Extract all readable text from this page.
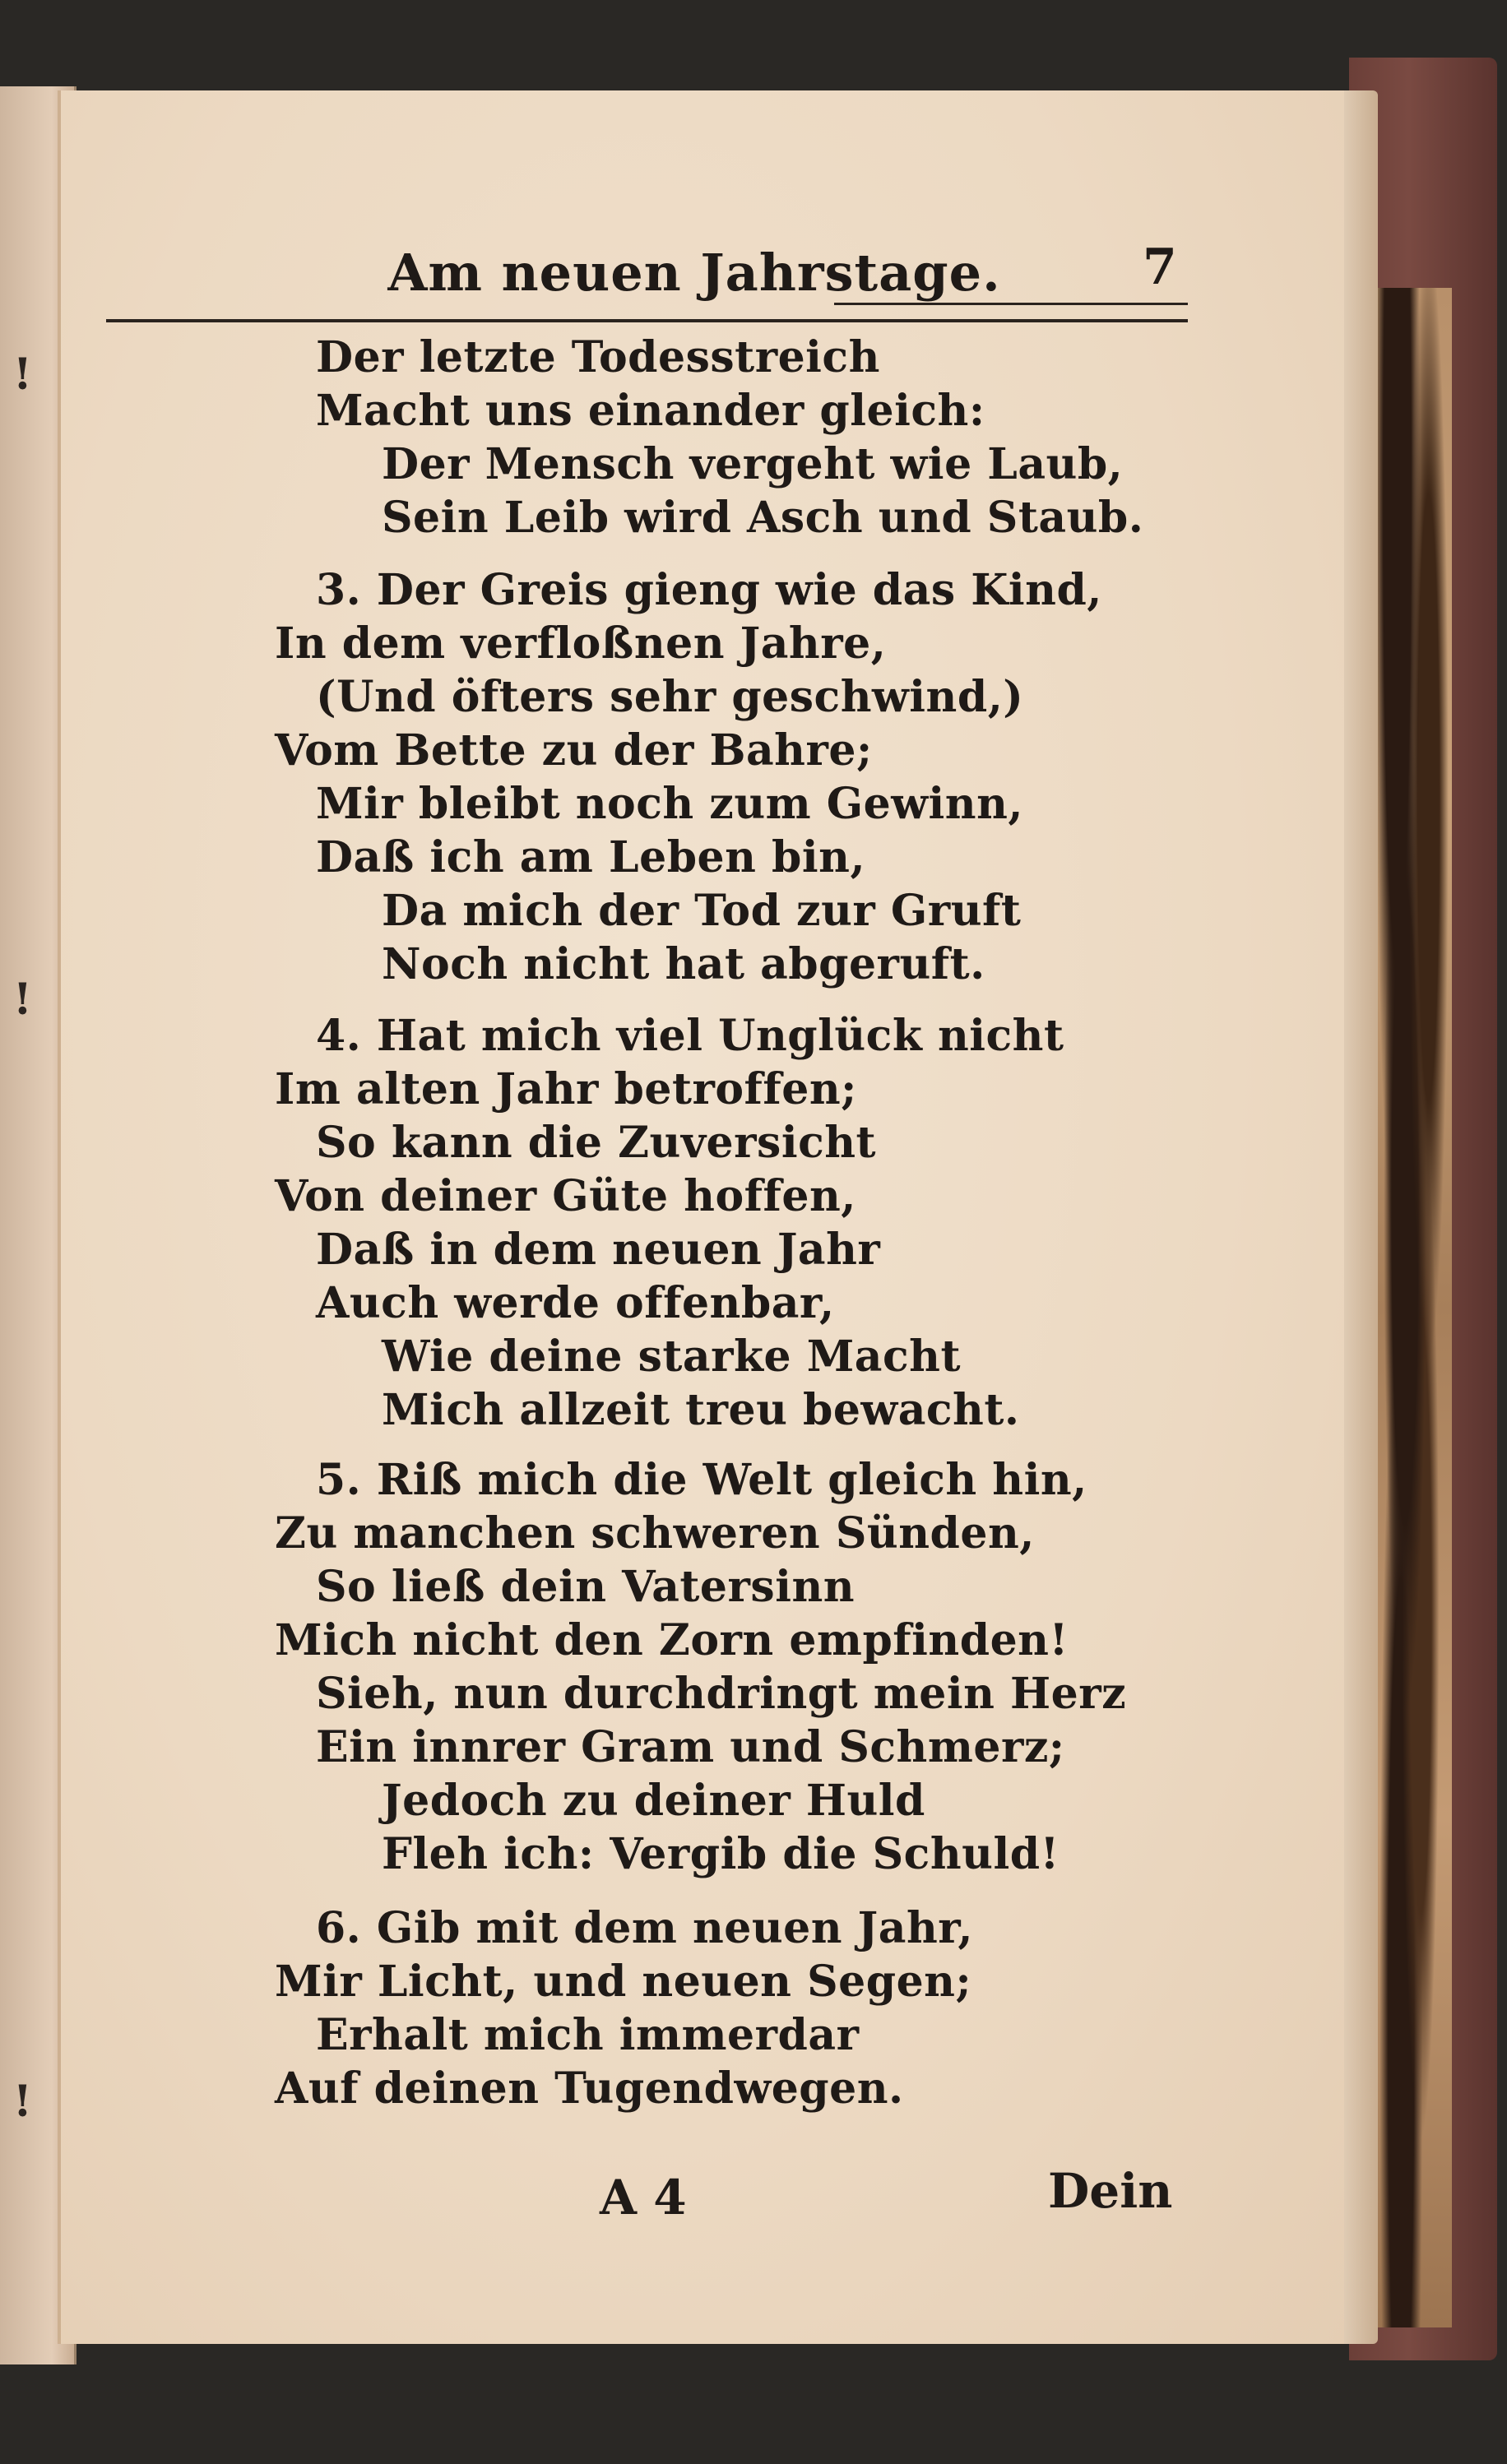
!
!
!
Am neuen Jahrstage.	7
Der letzte Todesstreich
Macht uns einander gleich:
Der Mensch vergeht wie Laub,
Sein Leib wird Asch und Staub.
3. Der Greis gieng wie das Kind,
In dem verfloßnen Jahre,
(Und öfters sehr geschwind,)
Vom Bette zu der Bahre;
Mir bleibt noch zum Gewinn,
Daß ich am Leben bin,
Da mich der Tod zur Gruft
Noch nicht hat abgeruft.
4. Hat mich viel Unglück nicht
Im alten Jahr betroffen;
So kann die Zuversicht
Von deiner Güte hoffen,
Daß in dem neuen Jahr
Auch werde offenbar,
Wie deine starke Macht
Mich allzeit treu bewacht.
5. Riß mich die Welt gleich hin,
Zu manchen schweren Sünden,
So ließ dein Vatersinn
Mich nicht den Zorn empfinden!
Sieh, nun durchdringt mein Herz
Ein innrer Gram und Schmerz;
Jedoch zu deiner Huld
Fleh ich: Vergib die Schuld!
6. Gib mit dem neuen Jahr,
Mir Licht, und neuen Segen;
Erhalt mich immerdar
Auf deinen Tugendwegen.
A 4	Dein
